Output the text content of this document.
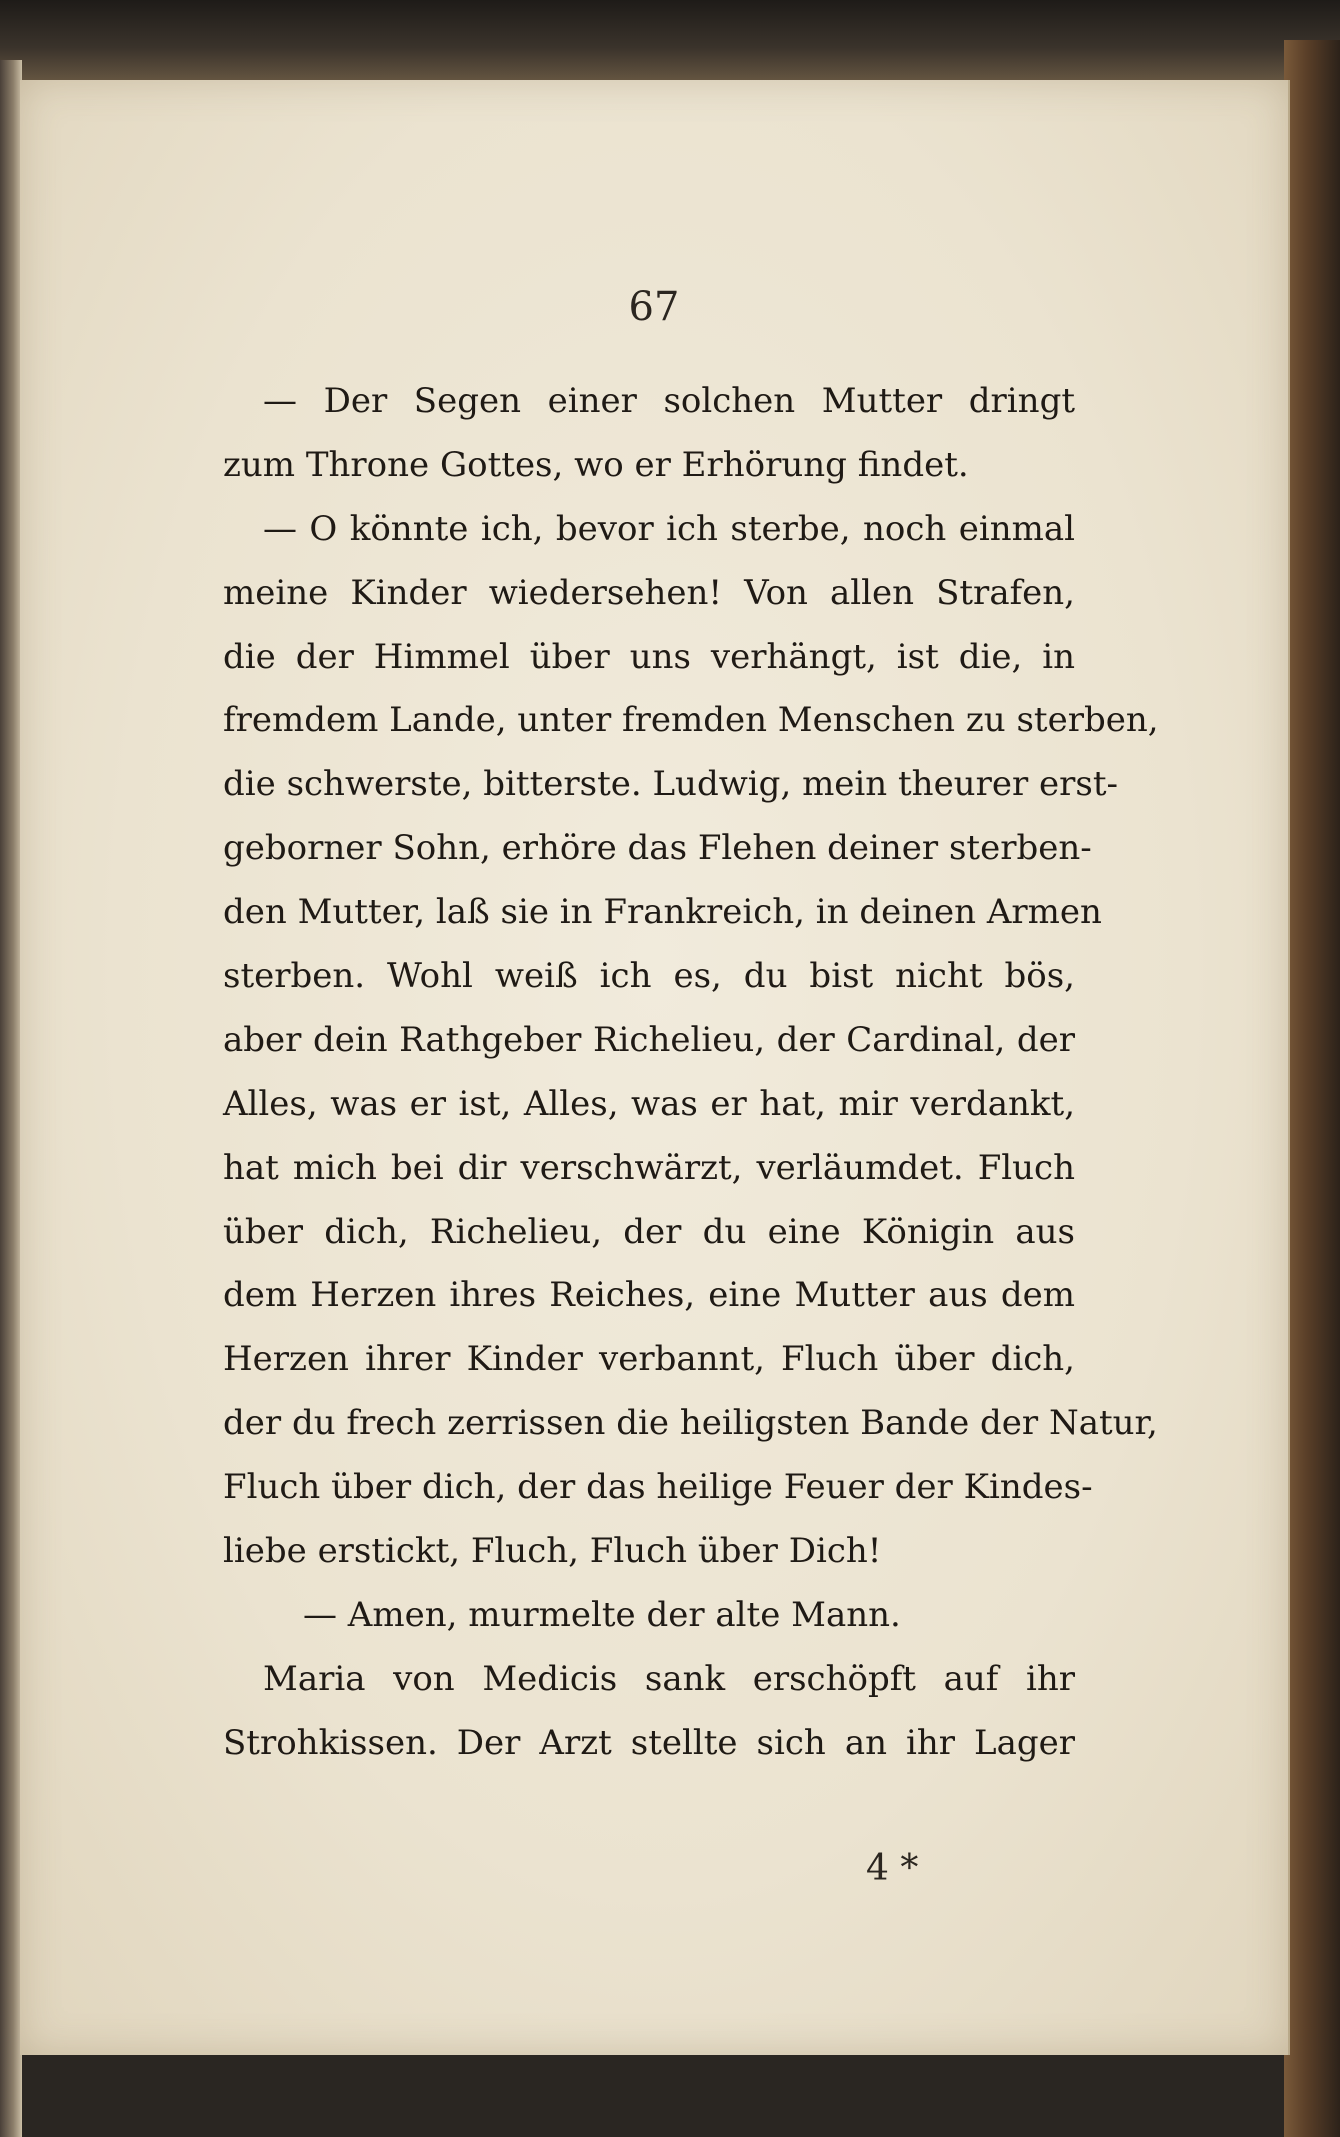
67
— Der Segen einer solchen Mutter dringt
zum Throne Gottes, wo er Erhörung findet.
— O könnte ich, bevor ich sterbe, noch einmal
meine Kinder wiedersehen! Von allen Strafen,
die der Himmel über uns verhängt, ist die, in
fremdem Lande, unter fremden Menschen zu sterben,
die schwerste, bitterste. Ludwig, mein theurer erst-
geborner Sohn, erhöre das Flehen deiner sterben-
den Mutter, laß sie in Frankreich, in deinen Armen
sterben. Wohl weiß ich es, du bist nicht bös,
aber dein Rathgeber Richelieu, der Cardinal, der
Alles, was er ist, Alles, was er hat, mir verdankt,
hat mich bei dir verschwärzt, verläumdet. Fluch
über dich, Richelieu, der du eine Königin aus
dem Herzen ihres Reiches, eine Mutter aus dem
Herzen ihrer Kinder verbannt, Fluch über dich,
der du frech zerrissen die heiligsten Bande der Natur,
Fluch über dich, der das heilige Feuer der Kindes-
liebe erstickt, Fluch, Fluch über Dich!
— Amen, murmelte der alte Mann.
Maria von Medicis sank erschöpft auf ihr
Strohkissen. Der Arzt stellte sich an ihr Lager
4 *
